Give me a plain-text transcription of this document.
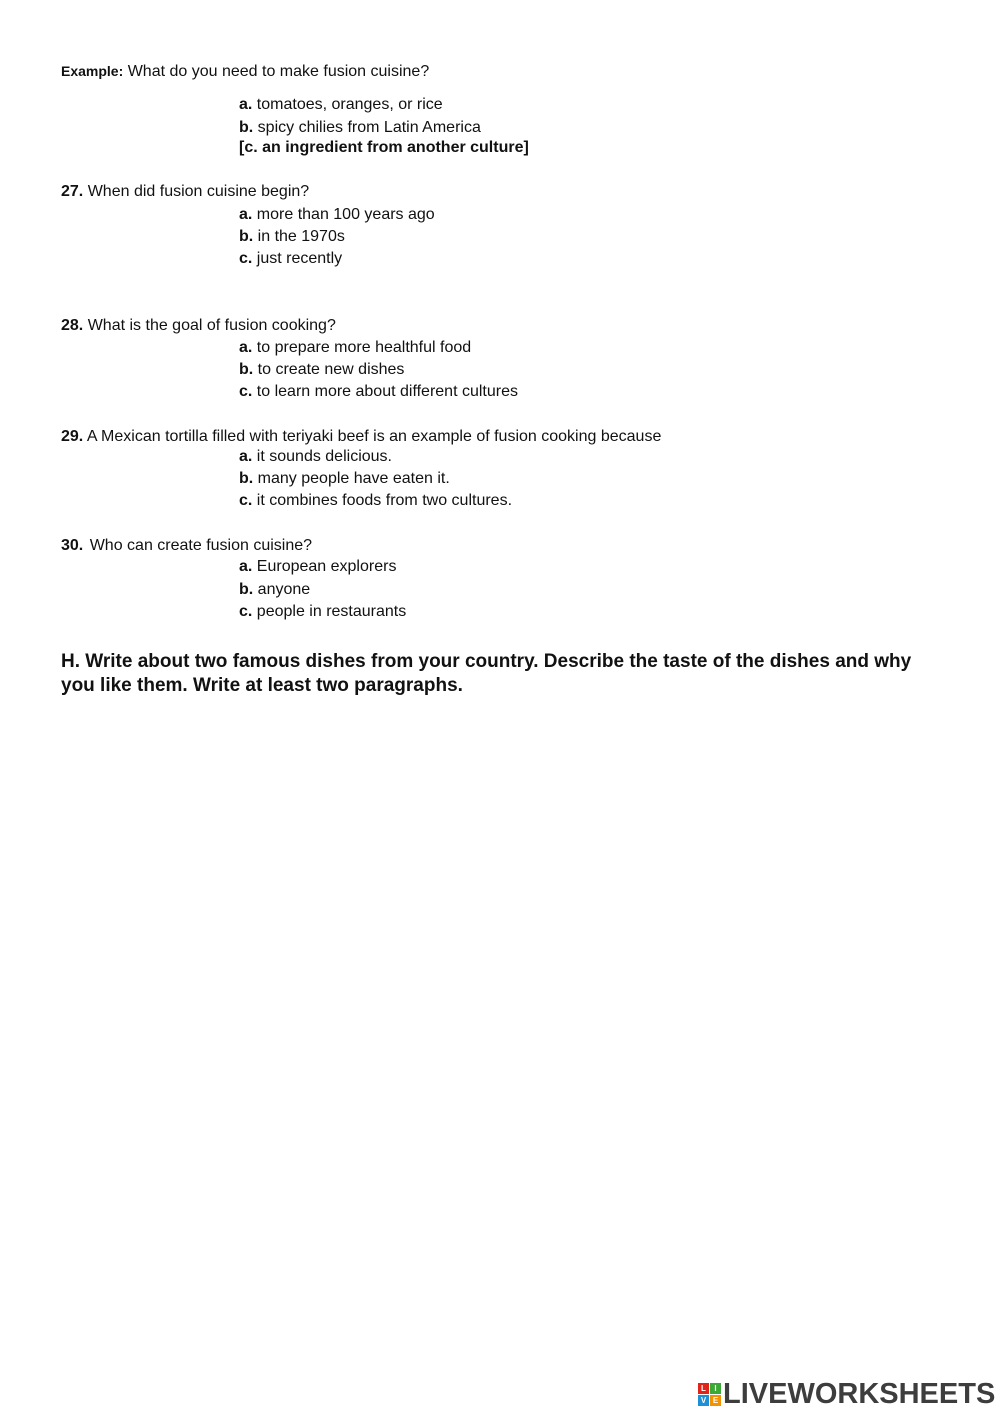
Example: What do you need to make fusion cuisine?
a. tomatoes, oranges, or rice
b. spicy chilies from Latin America
[c. an ingredient from another culture]
27. When did fusion cuisine begin?
a. more than 100 years ago
b. in the 1970s
c. just recently
28. What is the goal of fusion cooking?
a. to prepare more healthful food
b. to create new dishes
c. to learn more about different cultures
29. A Mexican tortilla filled with teriyaki beef is an example of fusion cooking because
a. it sounds delicious.
b. many people have eaten it.
c. it combines foods from two cultures.
30. Who can create fusion cuisine?
a. European explorers
b. anyone
c. people in restaurants
H. Write about two famous dishes from your country. Describe the taste of the dishes and why you like them. Write at least two paragraphs.
L	I
V E LIVEWORKSHEETS
